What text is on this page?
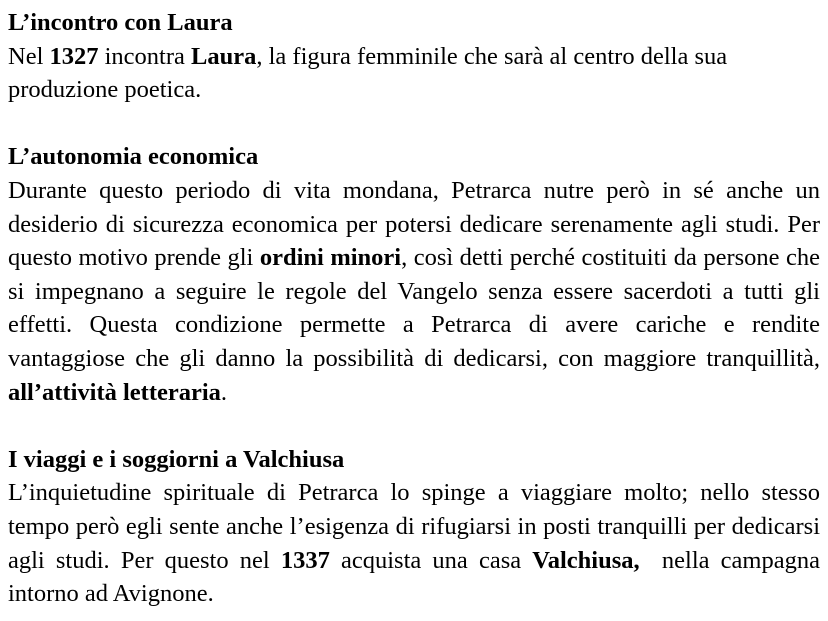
L’incontro con Laura

Nel 1327 incontra Laura, la figura femminile che sarà al centro della sua produzione poetica.

L’autonomia economica

Durante questo periodo di vita mondana, Petrarca nutre però in sé anche un desiderio di sicurezza economica per potersi dedicare serenamente agli studi. Per questo motivo prende gli ordini minori, così detti perché costituiti da persone che si impegnano a seguire le regole del Vangelo senza essere sacerdoti a tutti gli effetti. Questa condizione permette a Petrarca di avere cariche e rendite vantaggiose che gli danno la possibilità di dedicarsi, con maggiore tranquillità, all’attività letteraria.

I viaggi e i soggiorni a Valchiusa

L’inquietudine spirituale di Petrarca lo spinge a viaggiare molto; nello stesso tempo però egli sente anche l’esigenza di rifugiarsi in posti tranquilli per dedicarsi agli studi. Per questo nel 1337 acquista una casa Valchiusa,  nella campagna intorno ad Avignone.
